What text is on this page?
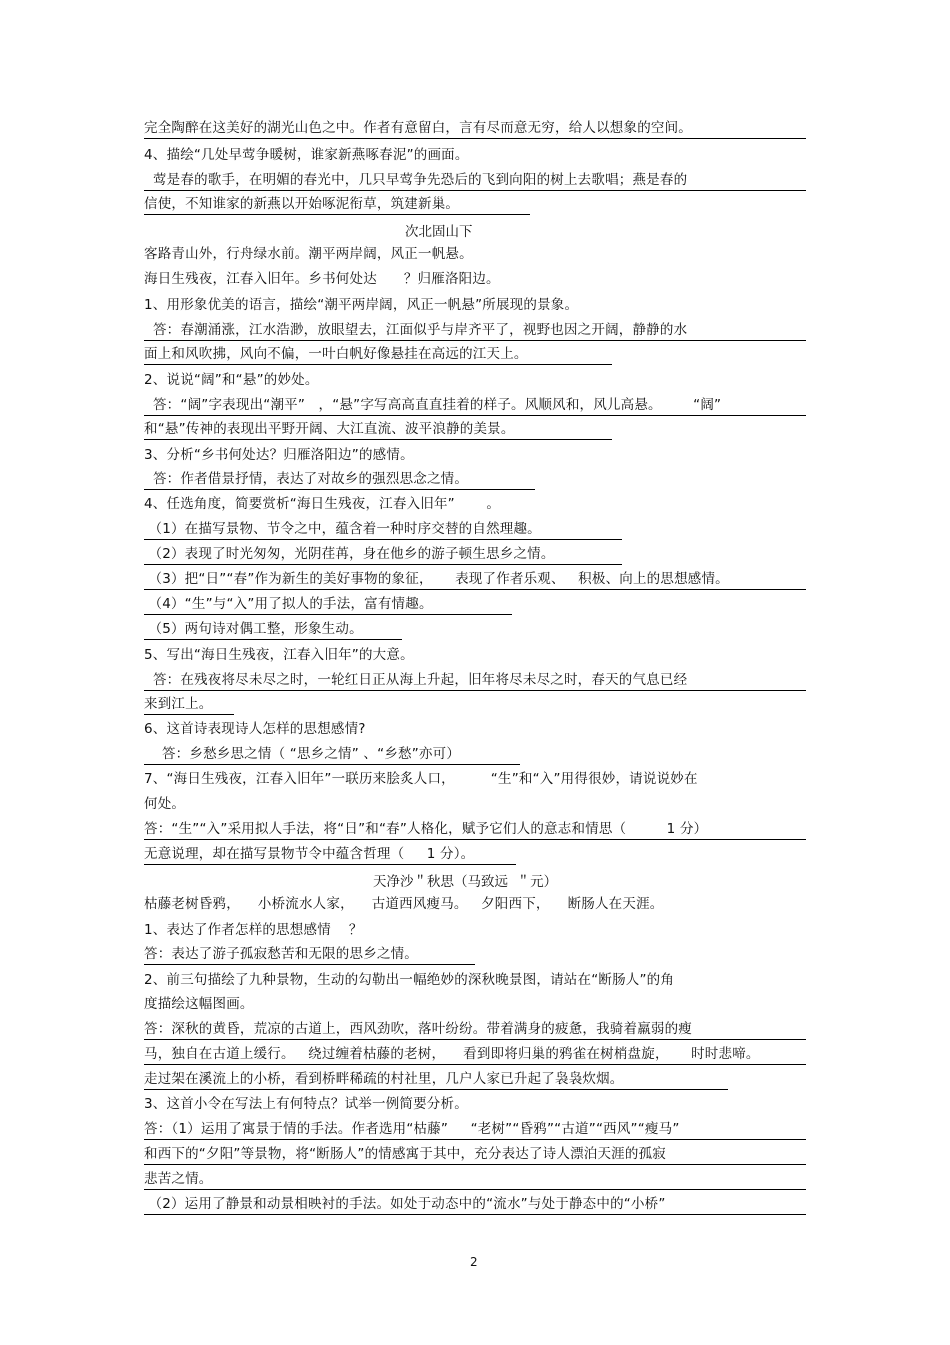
完全陶醉在这美好的湖光山色之中。作者有意留白，言有尽而意无穷，给人以想象的空间。
4、描绘“几处早莺争暖树，谁家新燕啄春泥”的画面。
莺是春的歌手，在明媚的春光中，几只早莺争先恐后的飞到向阳的树上去歌唱；燕是春的
信使，不知谁家的新燕以开始啄泥衔草，筑建新巢。
次北固山下
客路青山外，行舟绿水前。潮平两岸阔，风正一帆悬。
海日生残夜，江春入旧年。乡书何处达      ？归雁洛阳边。
1、用形象优美的语言，描绘“潮平两岸阔，风正一帆悬”所展现的景象。
答：春潮涌涨，江水浩渺，放眼望去，江面似乎与岸齐平了，视野也因之开阔，静静的水
面上和风吹拂，风向不偏，一叶白帆好像悬挂在高远的江天上。
2、说说“阔”和“悬”的妙处。
答：“阔”字表现出“潮平”   ，“悬”字写高高直直挂着的样子。风顺风和，风儿高悬。       “阔”
和“悬”传神的表现出平野开阔、大江直流、波平浪静的美景。
3、分析“乡书何处达？归雁洛阳边”的感情。
答：作者借景抒情，表达了对故乡的强烈思念之情。
4、任选角度，简要赏析“海日生残夜，江春入旧年”       。
（1）在描写景物、节令之中，蕴含着一种时序交替的自然理趣。
（2）表现了时光匆匆，光阴荏苒，身在他乡的游子顿生思乡之情。
（3）把“日”“春”作为新生的美好事物的象征，     表现了作者乐观、   积极、向上的思想感情。
（4）“生”与“入”用了拟人的手法，富有情趣。
（5）两句诗对偶工整，形象生动。
5、写出“海日生残夜，江春入旧年”的大意。
答：在残夜将尽未尽之时，一轮红日正从海上升起，旧年将尽未尽之时，春天的气息已经
来到江上。
6、这首诗表现诗人怎样的思想感情?
答：乡愁乡思之情（ “思乡之情” 、“乡愁”亦可）
7、“海日生残夜，江春入旧年”一联历来脍炙人口，        “生”和“入”用得很妙，请说说妙在
何处。
答：“生”“入”采用拟人手法，将“日”和“春”人格化，赋予它们人的意志和情思（         1 分）
无意说理，却在描写景物节令中蕴含哲理（     1 分）。
天净沙＂秋思（马致远  ＂元）
枯藤老树昏鸦，    小桥流水人家，    古道西风瘦马。   夕阳西下，    断肠人在天涯。
1、表达了作者怎样的思想感情    ？
答：表达了游子孤寂愁苦和无限的思乡之情。
2、前三句描绘了九种景物，生动的勾勒出一幅绝妙的深秋晚景图，请站在“断肠人”的角
度描绘这幅图画。
答：深秋的黄昏，荒凉的古道上，西风劲吹，落叶纷纷。带着满身的疲惫，我骑着羸弱的瘦
马，独自在古道上缓行。   绕过缠着枯藤的老树，    看到即将归巢的鸦雀在树梢盘旋，     时时悲啼。
走过架在溪流上的小桥，看到桥畔稀疏的村社里，几户人家已升起了袅袅炊烟。
3、这首小令在写法上有何特点？试举一例简要分析。
答：（1）运用了寓景于情的手法。作者选用“枯藤”     “老树”“昏鸦”“古道”“西风”“瘦马”
和西下的“夕阳”等景物，将“断肠人”的情感寓于其中，充分表达了诗人漂泊天涯的孤寂
悲苦之情。
（2）运用了静景和动景相映衬的手法。如处于动态中的“流水”与处于静态中的“小桥”
2
